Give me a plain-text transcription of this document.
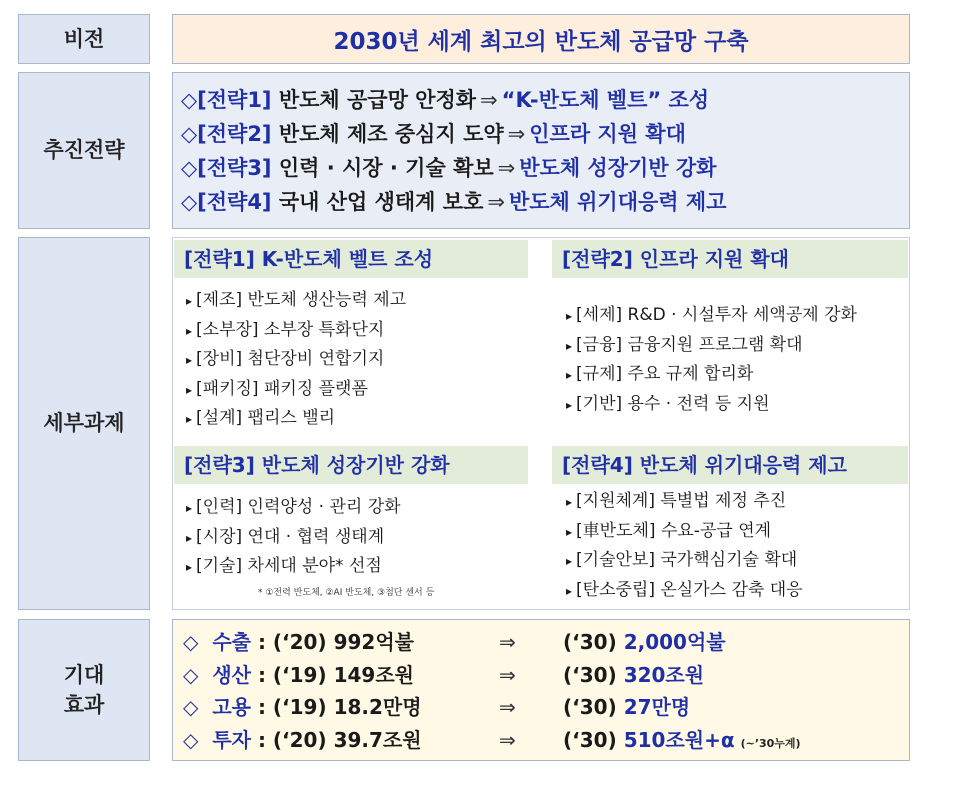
비전	2030년 세계 최고의 반도체 공급망 구축
추진전략
◇[전략1] 반도체 공급망 안정화 ⇒ “K-반도체 벨트” 조성
◇[전략2] 반도체 제조 중심지 도약 ⇒ 인프라 지원 확대
◇[전략3] 인력 · 시장 · 기술 확보 ⇒ 반도체 성장기반 강화
◇[전략4] 국내 산업 생태계 보호 ⇒ 반도체 위기대응력 제고
세부과제
[전략1] K-반도체 벨트 조성
▸ [제조] 반도체 생산능력 제고
▸ [소부장] 소부장 특화단지
▸ [장비] 첨단장비 연합기지
▸ [패키징] 패키징 플랫폼
▸ [설계] 팹리스 밸리
[전략2] 인프라 지원 확대
▸ [세제] R&D · 시설투자 세액공제 강화
▸ [금융] 금융지원 프로그램 확대
▸ [규제] 주요 규제 합리화
▸ [기반] 용수 · 전력 등 지원
[전략3] 반도체 성장기반 강화
▸ [인력] 인력양성 · 관리 강화
▸ [시장] 연대 · 협력 생태계
▸ [기술] 차세대 분야* 선점
* ①전력 반도체, ②AI 반도체, ③첨단 센서 등
[전략4] 반도체 위기대응력 제고
▸ [지원체계] 특별법 제정 추진
▸ [車반도체] 수요-공급 연계
▸ [기술안보] 국가핵심기술 확대
▸ [탄소중립] 온실가스 감축 대응
기대
효과
◇ 수출 : (‘20) 992억불	⇒ (‘30) 2,000억불
◇ 생산 : (‘19) 149조원	⇒ (‘30) 320조원
◇ 고용 : (‘19) 18.2만명	⇒ (‘30) 27만명
◇ 투자 : (‘20) 39.7조원	⇒ (‘30) 510조원+α (~’30누계)
